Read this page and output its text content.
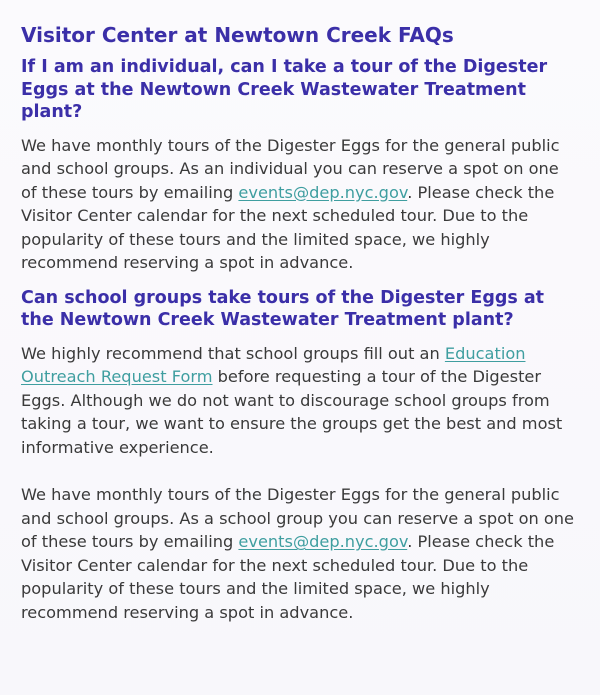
Visitor Center at Newtown Creek FAQs
If I am an individual, can I take a tour of the Digester Eggs at the Newtown Creek Wastewater Treatment plant?

We have monthly tours of the Digester Eggs for the general public and school groups. As an individual you can reserve a spot on one of these tours by emailing events@dep.nyc.gov. Please check the Visitor Center calendar for the next scheduled tour. Due to the popularity of these tours and the limited space, we highly recommend reserving a spot in advance.

Can school groups take tours of the Digester Eggs at the Newtown Creek Wastewater Treatment plant?

We highly recommend that school groups fill out an Education Outreach Request Form before requesting a tour of the Digester Eggs. Although we do not want to discourage school groups from taking a tour, we want to ensure the groups get the best and most informative experience.

We have monthly tours of the Digester Eggs for the general public and school groups. As a school group you can reserve a spot on one of these tours by emailing events@dep.nyc.gov. Please check the Visitor Center calendar for the next scheduled tour. Due to the popularity of these tours and the limited space, we highly recommend reserving a spot in advance.
